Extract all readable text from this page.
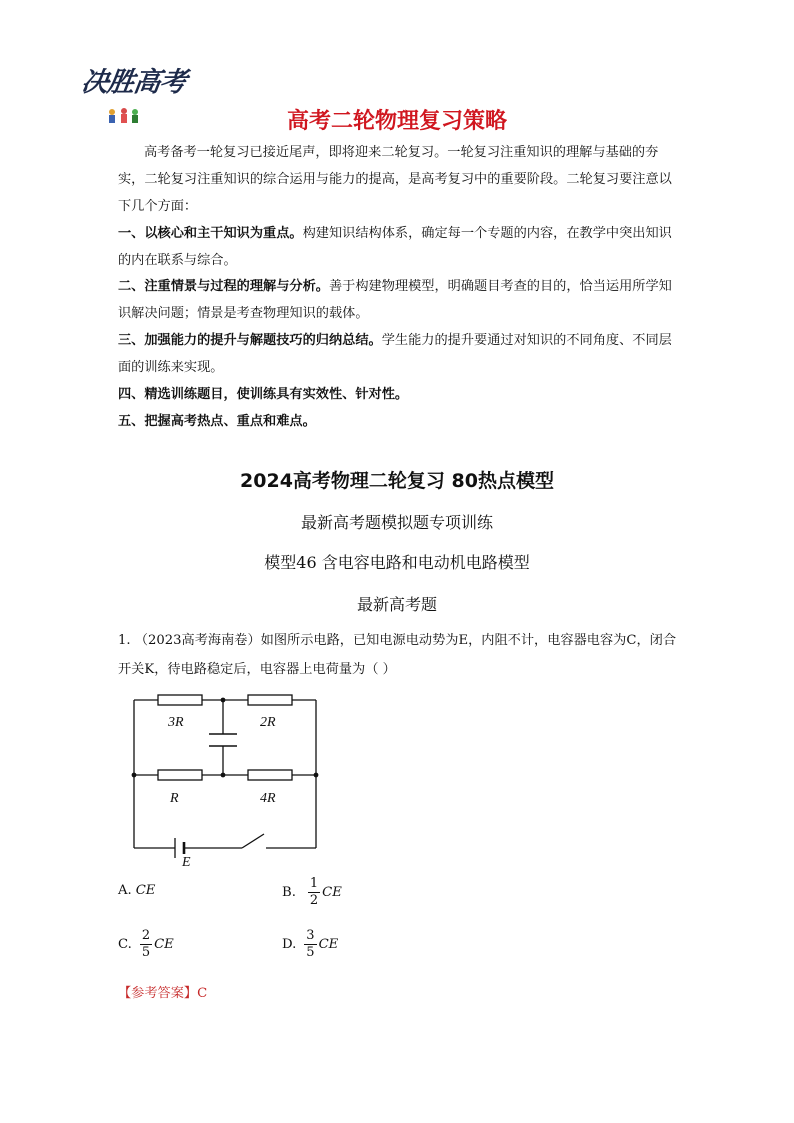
决胜高考
高考二轮物理复习策略
高考备考一轮复习已接近尾声，即将迎来二轮复习。一轮复习注重知识的理解与基础的夯实，二轮复习注重知识的综合运用与能力的提高，是高考复习中的重要阶段。二轮复习要注意以下几个方面：
一、以核心和主干知识为重点。构建知识结构体系，确定每一个专题的内容，在教学中突出知识的内在联系与综合。
二、注重情景与过程的理解与分析。善于构建物理模型，明确题目考查的目的，恰当运用所学知识解决问题；情景是考查物理知识的载体。
三、加强能力的提升与解题技巧的归纳总结。学生能力的提升要通过对知识的不同角度、不同层面的训练来实现。
四、精选训练题目，使训练具有实效性、针对性。
五、把握高考热点、重点和难点。
2024高考物理二轮复习 80热点模型
最新高考题模拟题专项训练
模型46 含电容电路和电动机电路模型
最新高考题
1. （2023高考海南卷）如图所示电路，已知电源电动势为E，内阻不计，电容器电容为C，闭合开关K，待电路稳定后，电容器上电荷量为（ ）
3R	2R
R	4R
E
A. CE	B. $\frac{1}{2}$ CE
C. $\frac{2}{5}$ CE	D. $\frac{3}{5}$ CE
【参考答案】C
